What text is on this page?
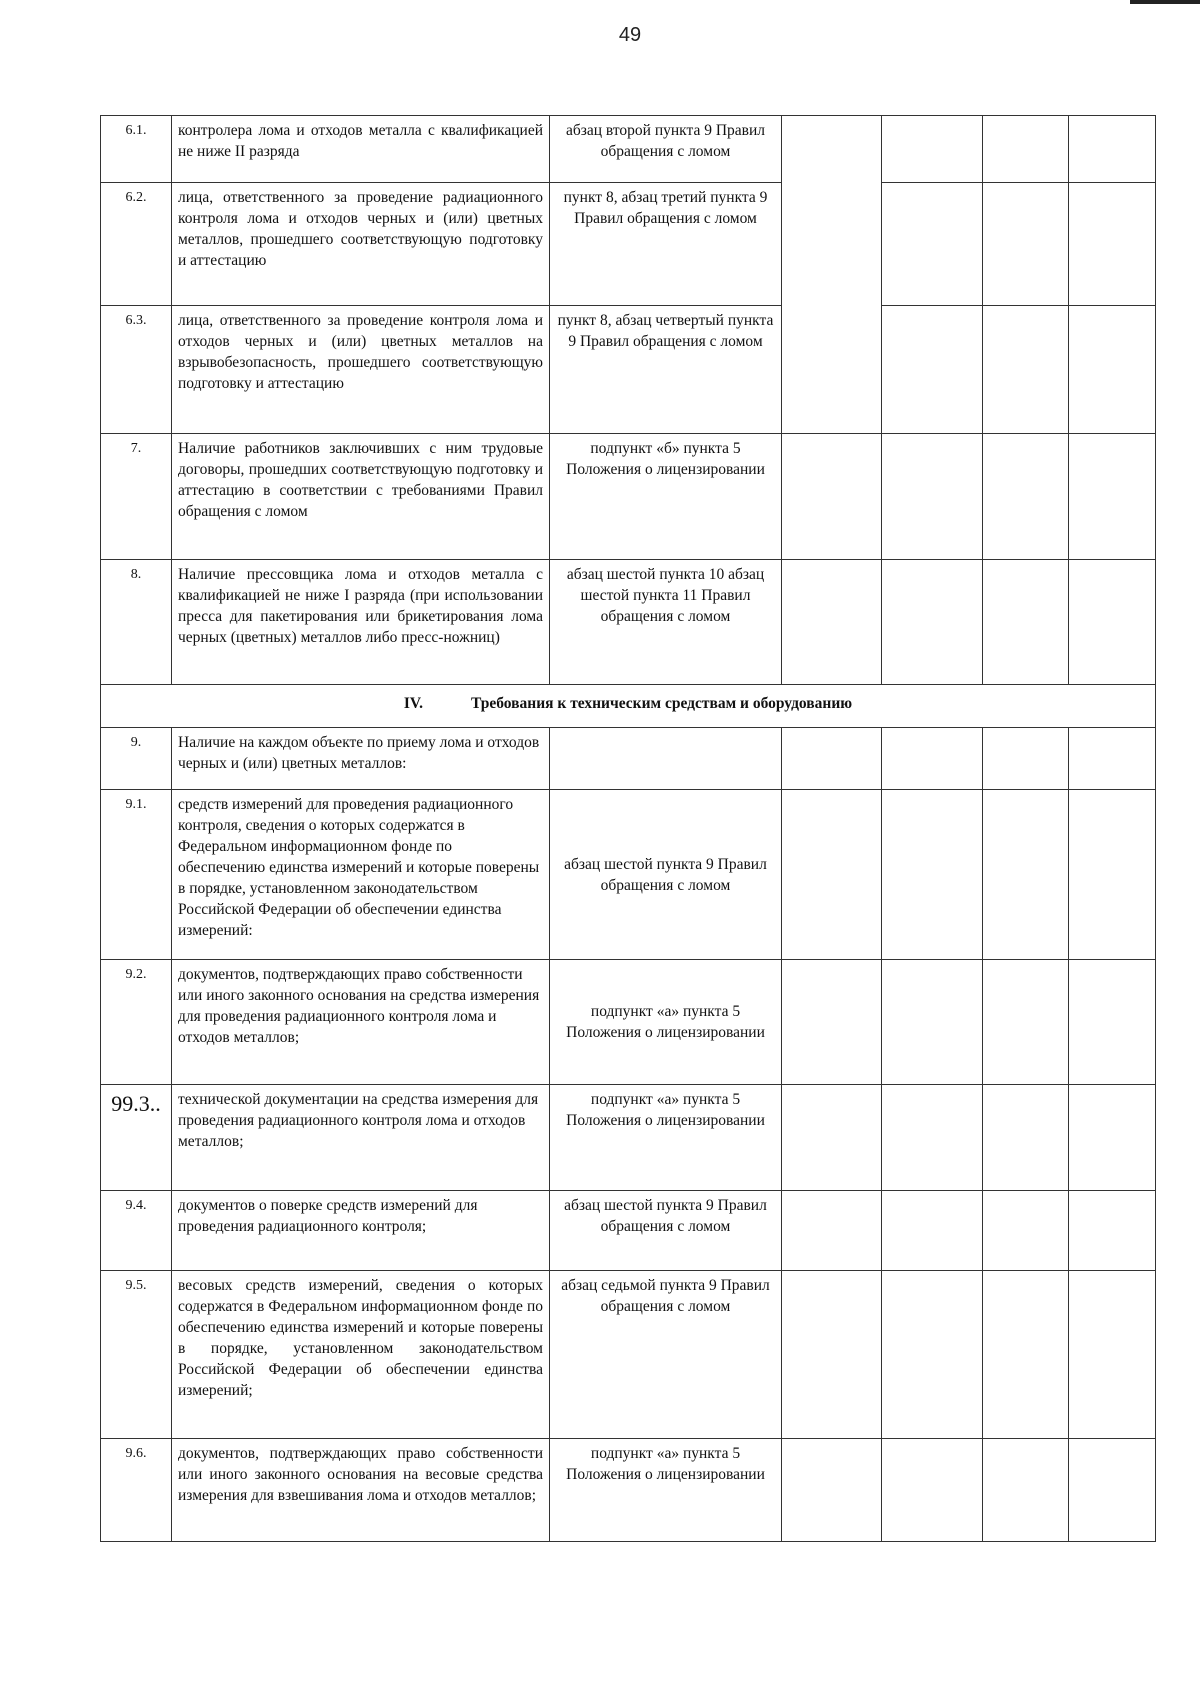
49
6.1.	контролера лома и отходов металла с квалификацией не ниже II разряда	абзац второй пункта 9 Правил обращения с ломом				
6.2.	лица, ответственного за проведение радиационного контроля лома и отходов черных и (или) цветных металлов, прошедшего соответствующую подготовку и аттестацию	пункт 8, абзац третий пункта 9 Правил обращения с ломом				
6.3.	лица, ответственного за проведение контроля лома и отходов черных и (или) цветных металлов на взрывобезопасность, прошедшего соответствующую подготовку и аттестацию	пункт 8, абзац четвертый пункта 9 Правил обращения с ломом				
7.	Наличие работников заключивших с ним трудовые договоры, прошедших соответствующую подготовку и аттестацию в соответствии с требованиями Правил обращения с ломом	подпункт «б» пункта 5 Положения о лицензировании				
8.	Наличие прессовщика лома и отходов металла с квалификацией не ниже I разряда (при использовании пресса для пакетирования или брикетирования лома черных (цветных) металлов либо пресс-ножниц)	абзац шестой пункта 10 абзац шестой пункта 11 Правил обращения с ломом				
IV. Требования к техническим средствам и оборудованию						
9.	Наличие на каждом объекте по приему лома и отходов черных и (или) цветных металлов:					
9.1.	средств измерений для проведения радиационного контроля, сведения о которых содержатся в Федеральном информационном фонде по обеспечению единства измерений и которые поверены в порядке, установленном законодательством Российской Федерации об обеспечении единства измерений:	абзац шестой пункта 9 Правил обращения с ломом				
9.2.	документов, подтверждающих право собственности или иного законного основания на средства измерения для проведения радиационного контроля лома и отходов металлов;	подпункт «а» пункта 5 Положения о лицензировании				
99.3..	технической документации на средства измерения для проведения радиационного контроля лома и отходов металлов;	подпункт «а» пункта 5 Положения о лицензировании				
9.4.	документов о поверке средств измерений для проведения радиационного контроля;	абзац шестой пункта 9 Правил обращения с ломом				
9.5.	весовых средств измерений, сведения о которых содержатся в Федеральном информационном фонде по обеспечению единства измерений и которые поверены в порядке, установленном законодательством Российской Федерации об обеспечении единства измерений;	абзац седьмой пункта 9 Правил обращения с ломом				
9.6.	документов, подтверждающих право собственности или иного законного основания на весовые средства измерения для взвешивания лома и отходов металлов;	подпункт «а» пункта 5 Положения о лицензировании				
